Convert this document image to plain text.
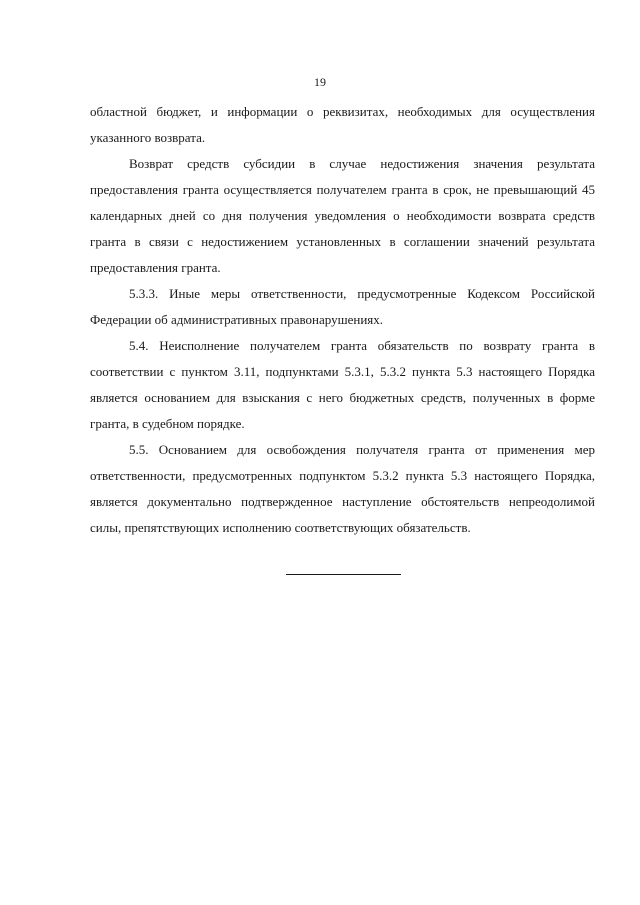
19

областной бюджет, и информации о реквизитах, необходимых для осуществления указанного возврата.

Возврат средств субсидии в случае недостижения значения результата предоставления гранта осуществляется получателем гранта в срок, не превышающий 45 календарных дней со дня получения уведомления о необходимости возврата средств гранта в связи с недостижением установленных в соглашении значений результата предоставления гранта.

5.3.3. Иные меры ответственности, предусмотренные Кодексом Российской Федерации об административных правонарушениях.

5.4. Неисполнение получателем гранта обязательств по возврату гранта в соответствии с пунктом 3.11, подпунктами 5.3.1, 5.3.2 пункта 5.3 настоящего Порядка является основанием для взыскания с него бюджетных средств, полученных в форме гранта, в судебном порядке.

5.5. Основанием для освобождения получателя гранта от применения мер ответственности, предусмотренных подпунктом 5.3.2 пункта 5.3 настоящего Порядка, является документально подтвержденное наступление обстоятельств непреодолимой силы, препятствующих исполнению соответствующих обязательств.
